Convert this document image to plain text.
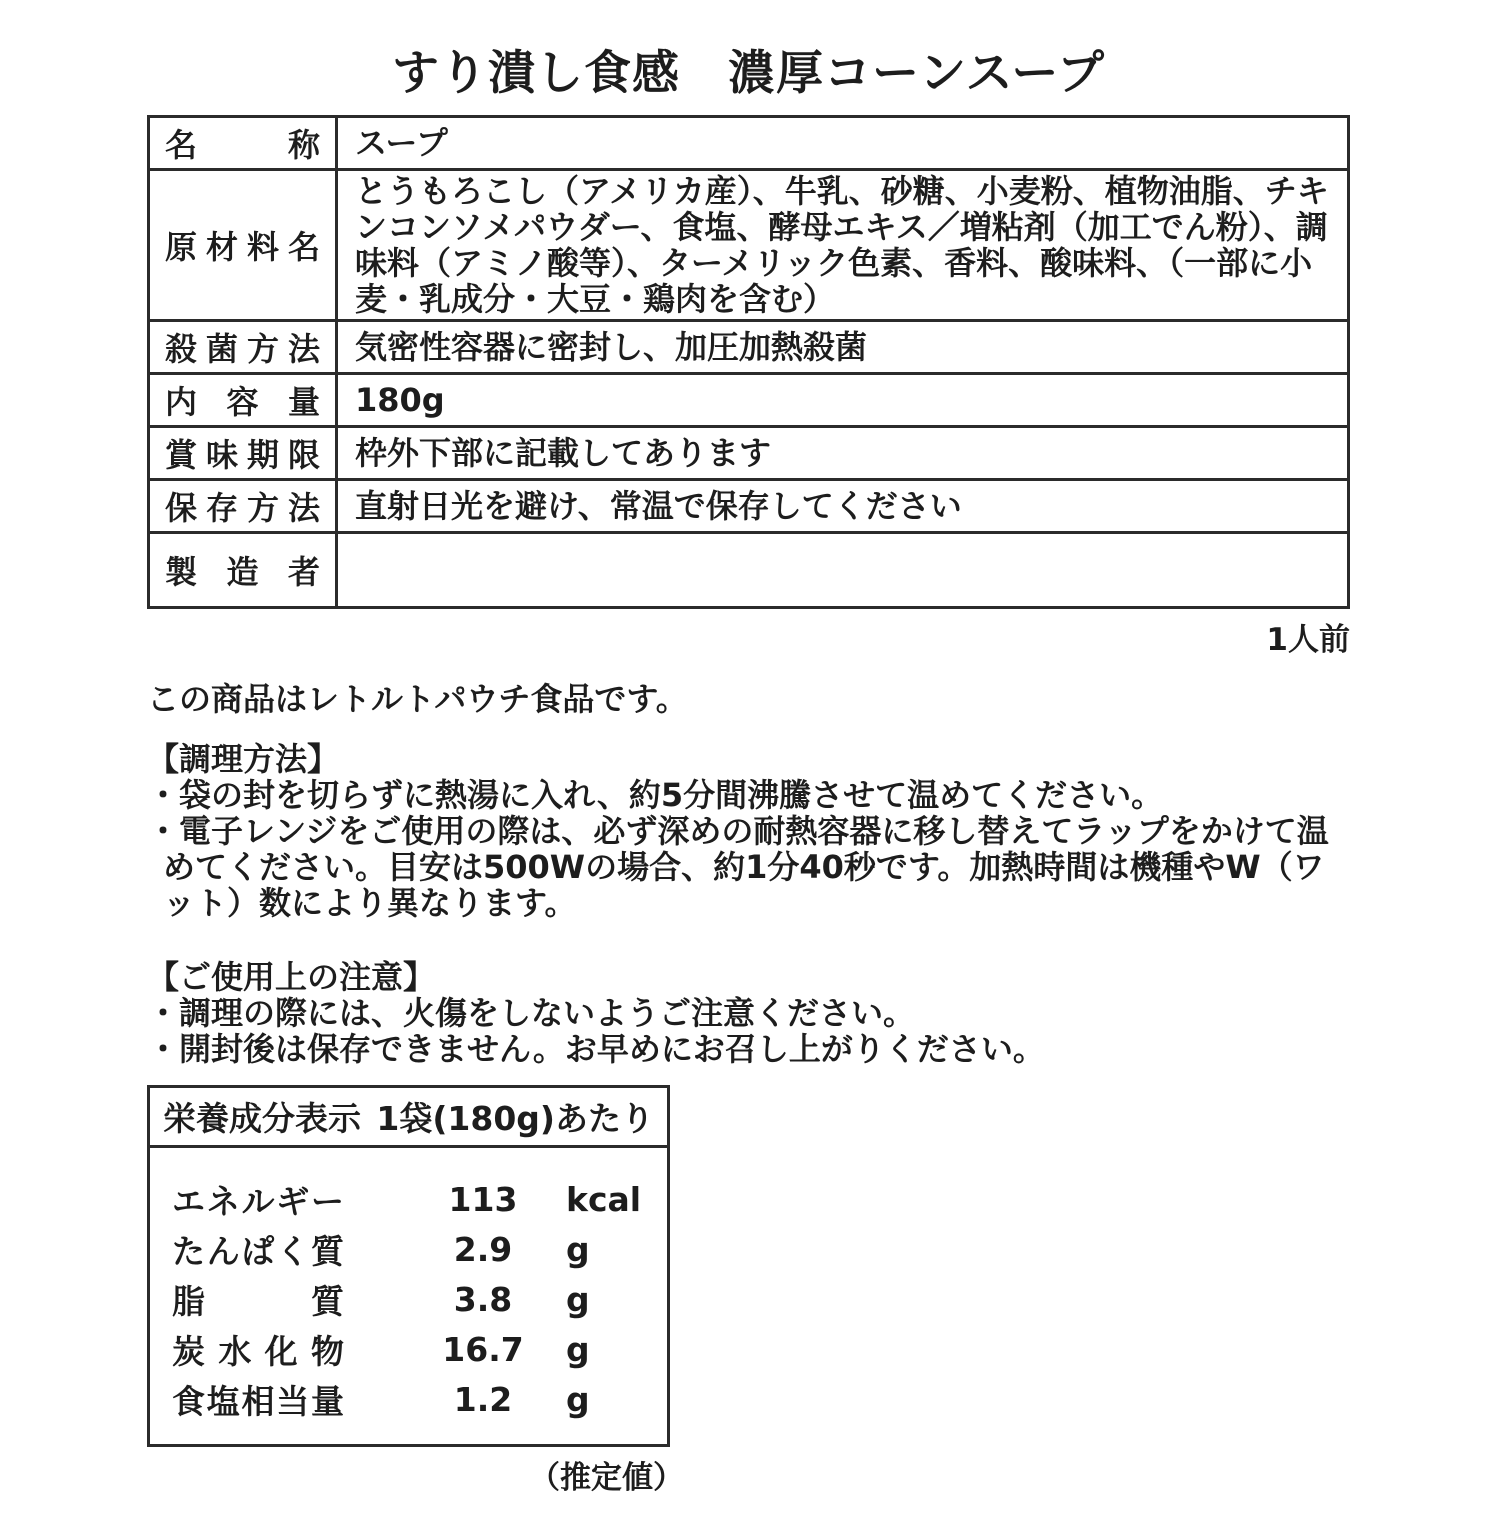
すり潰し食感　濃厚コーンスープ
名称	スープ
原材料名	とうもろこし（アメリカ産）、牛乳、砂糖、小麦粉、植物油脂、チキンコンソメパウダー、食塩、酵母エキス／増粘剤（加工でん粉）、調味料（アミノ酸等）、ターメリック色素、香料、酸味料、（一部に小麦・乳成分・大豆・鶏肉を含む）
殺菌方法	気密性容器に密封し、加圧加熱殺菌
内容量	180g
賞味期限	枠外下部に記載してあります
保存方法	直射日光を避け、常温で保存してください
製造者	
1人前
この商品はレトルトパウチ食品です。
【調理方法】
・袋の封を切らずに熱湯に入れ、約5分間沸騰させて温めてください。
・電子レンジをご使用の際は、必ず深めの耐熱容器に移し替えてラップをかけて温めてください。目安は500Wの場合、約1分40秒です。加熱時間は機種やW（ワット）数により異なります。
【ご使用上の注意】
・調理の際には、火傷をしないようご注意ください。
・開封後は保存できません。お早めにお召し上がりください。
栄養成分表示 1袋(180g)あたり
エネルギー	113	kcal
たんぱく質	2.9	g
脂質	3.8	g
炭水化物	16.7	g
食塩相当量	1.2	g
（推定値）
